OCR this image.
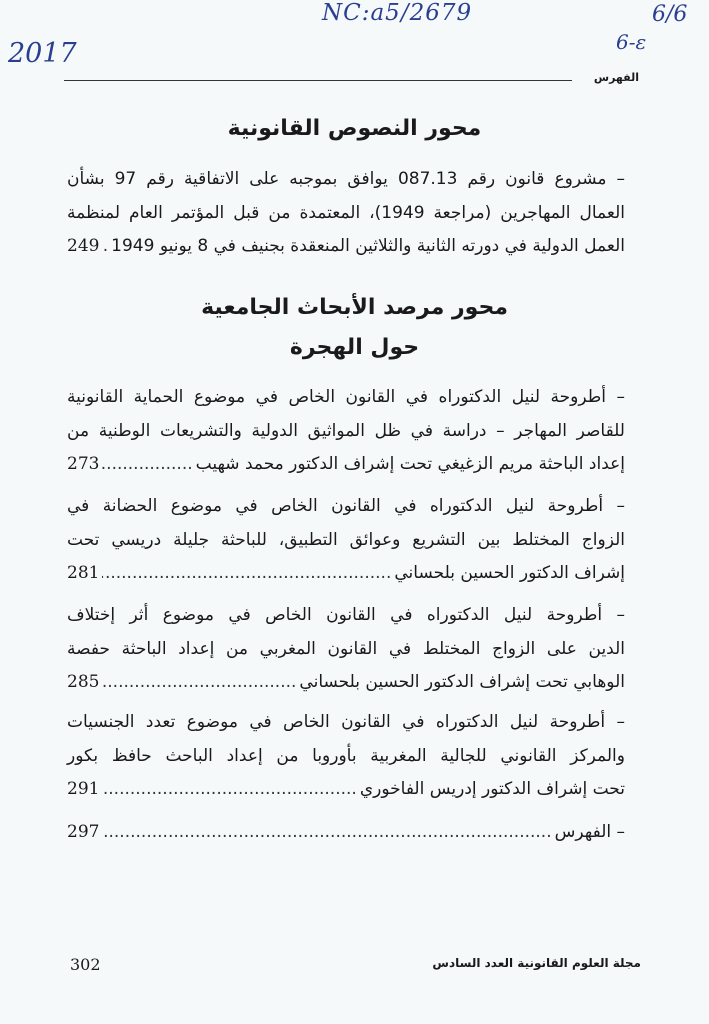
NC:a5/2679	6/6
2017	6-ε
الفهرس
محور النصوص القانونية
– مشروع قانون رقم 087.13 يوافق بموجبه على الاتفاقية رقم 97 بشأن
العمال المهاجرين (مراجعة 1949)، المعتمدة من قبل المؤتمر العام لمنظمة
العمل الدولية في دورته الثانية والثلاثين المنعقدة بجنيف في 8 يونيو 1949
.....
249
محور مرصد الأبحاث الجامعية
حول الهجرة
– أطروحة لنيل الدكتوراه في القانون الخاص في موضوع الحماية القانونية
للقاصر المهاجر – دراسة في ظل المواثيق الدولية والتشريعات الوطنية من
إعداد الباحثة مريم الزغيغي تحت إشراف الدكتور محمد شهيب
.....
273
– أطروحة لنيل الدكتوراه في القانون الخاص في موضوع الحضانة في
الزواج المختلط بين التشريع وعوائق التطبيق، للباحثة جليلة دريسي تحت
إشراف الدكتور الحسين بلحساني
.....
281
– أطروحة لنيل الدكتوراه في القانون الخاص في موضوع أثر إختلاف
الدين على الزواج المختلط في القانون المغربي من إعداد الباحثة حفصة
الوهابي تحت إشراف الدكتور الحسين بلحساني
.....
285
– أطروحة لنيل الدكتوراه في القانون الخاص في موضوع تعدد الجنسيات
والمركز القانوني للجالية المغربية بأوروبا من إعداد الباحث حافظ بكور
تحت إشراف الدكتور إدريس الفاخوري
.....
291
– الفهرس
.....
297
مجلة العلوم القانونية العدد السادس
302
